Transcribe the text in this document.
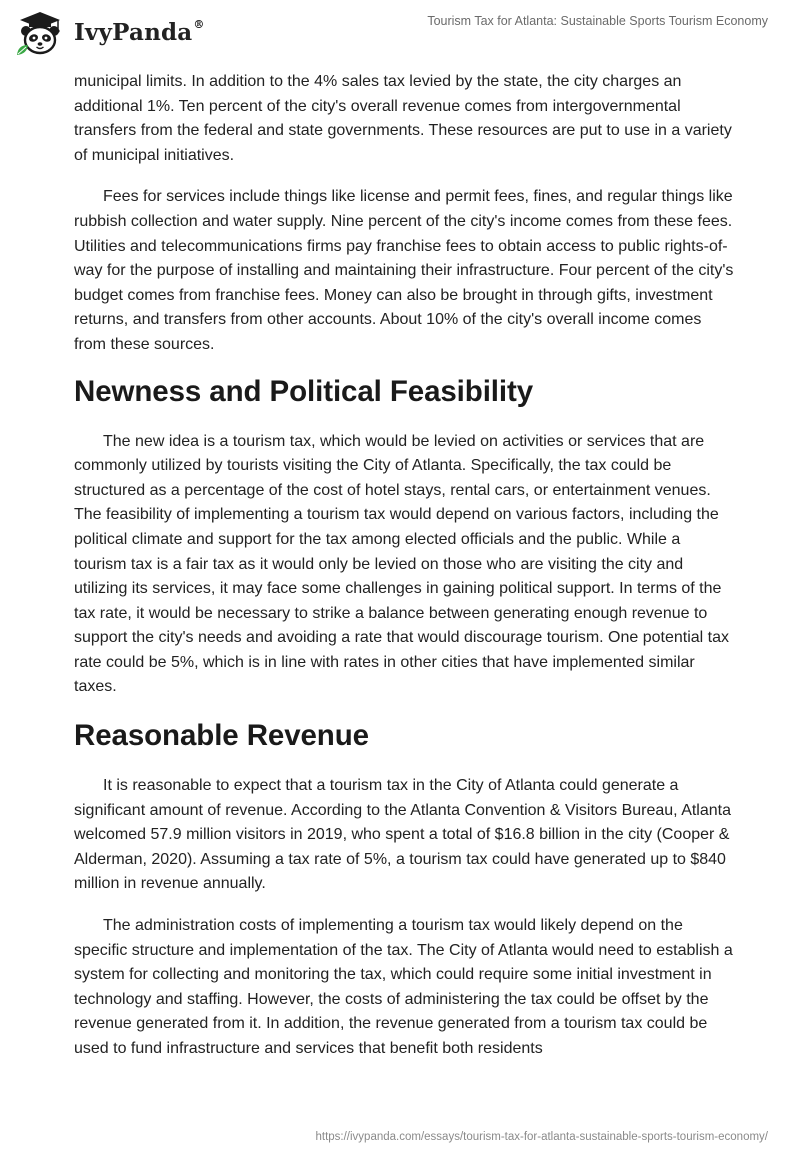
IvyPanda®	Tourism Tax for Atlanta: Sustainable Sports Tourism Economy

municipal limits. In addition to the 4% sales tax levied by the state, the city charges an additional 1%. Ten percent of the city's overall revenue comes from intergovernmental transfers from the federal and state governments. These resources are put to use in a variety of municipal initiatives.

Fees for services include things like license and permit fees, fines, and regular things like rubbish collection and water supply. Nine percent of the city's income comes from these fees. Utilities and telecommunications firms pay franchise fees to obtain access to public rights-of-way for the purpose of installing and maintaining their infrastructure. Four percent of the city's budget comes from franchise fees. Money can also be brought in through gifts, investment returns, and transfers from other accounts. About 10% of the city's overall income comes from these sources.

Newness and Political Feasibility

The new idea is a tourism tax, which would be levied on activities or services that are commonly utilized by tourists visiting the City of Atlanta. Specifically, the tax could be structured as a percentage of the cost of hotel stays, rental cars, or entertainment venues. The feasibility of implementing a tourism tax would depend on various factors, including the political climate and support for the tax among elected officials and the public. While a tourism tax is a fair tax as it would only be levied on those who are visiting the city and utilizing its services, it may face some challenges in gaining political support. In terms of the tax rate, it would be necessary to strike a balance between generating enough revenue to support the city's needs and avoiding a rate that would discourage tourism. One potential tax rate could be 5%, which is in line with rates in other cities that have implemented similar taxes.

Reasonable Revenue

It is reasonable to expect that a tourism tax in the City of Atlanta could generate a significant amount of revenue. According to the Atlanta Convention & Visitors Bureau, Atlanta welcomed 57.9 million visitors in 2019, who spent a total of $16.8 billion in the city (Cooper & Alderman, 2020). Assuming a tax rate of 5%, a tourism tax could have generated up to $840 million in revenue annually.

The administration costs of implementing a tourism tax would likely depend on the specific structure and implementation of the tax. The City of Atlanta would need to establish a system for collecting and monitoring the tax, which could require some initial investment in technology and staffing. However, the costs of administering the tax could be offset by the revenue generated from it. In addition, the revenue generated from a tourism tax could be used to fund infrastructure and services that benefit both residents

https://ivypanda.com/essays/tourism-tax-for-atlanta-sustainable-sports-tourism-economy/
